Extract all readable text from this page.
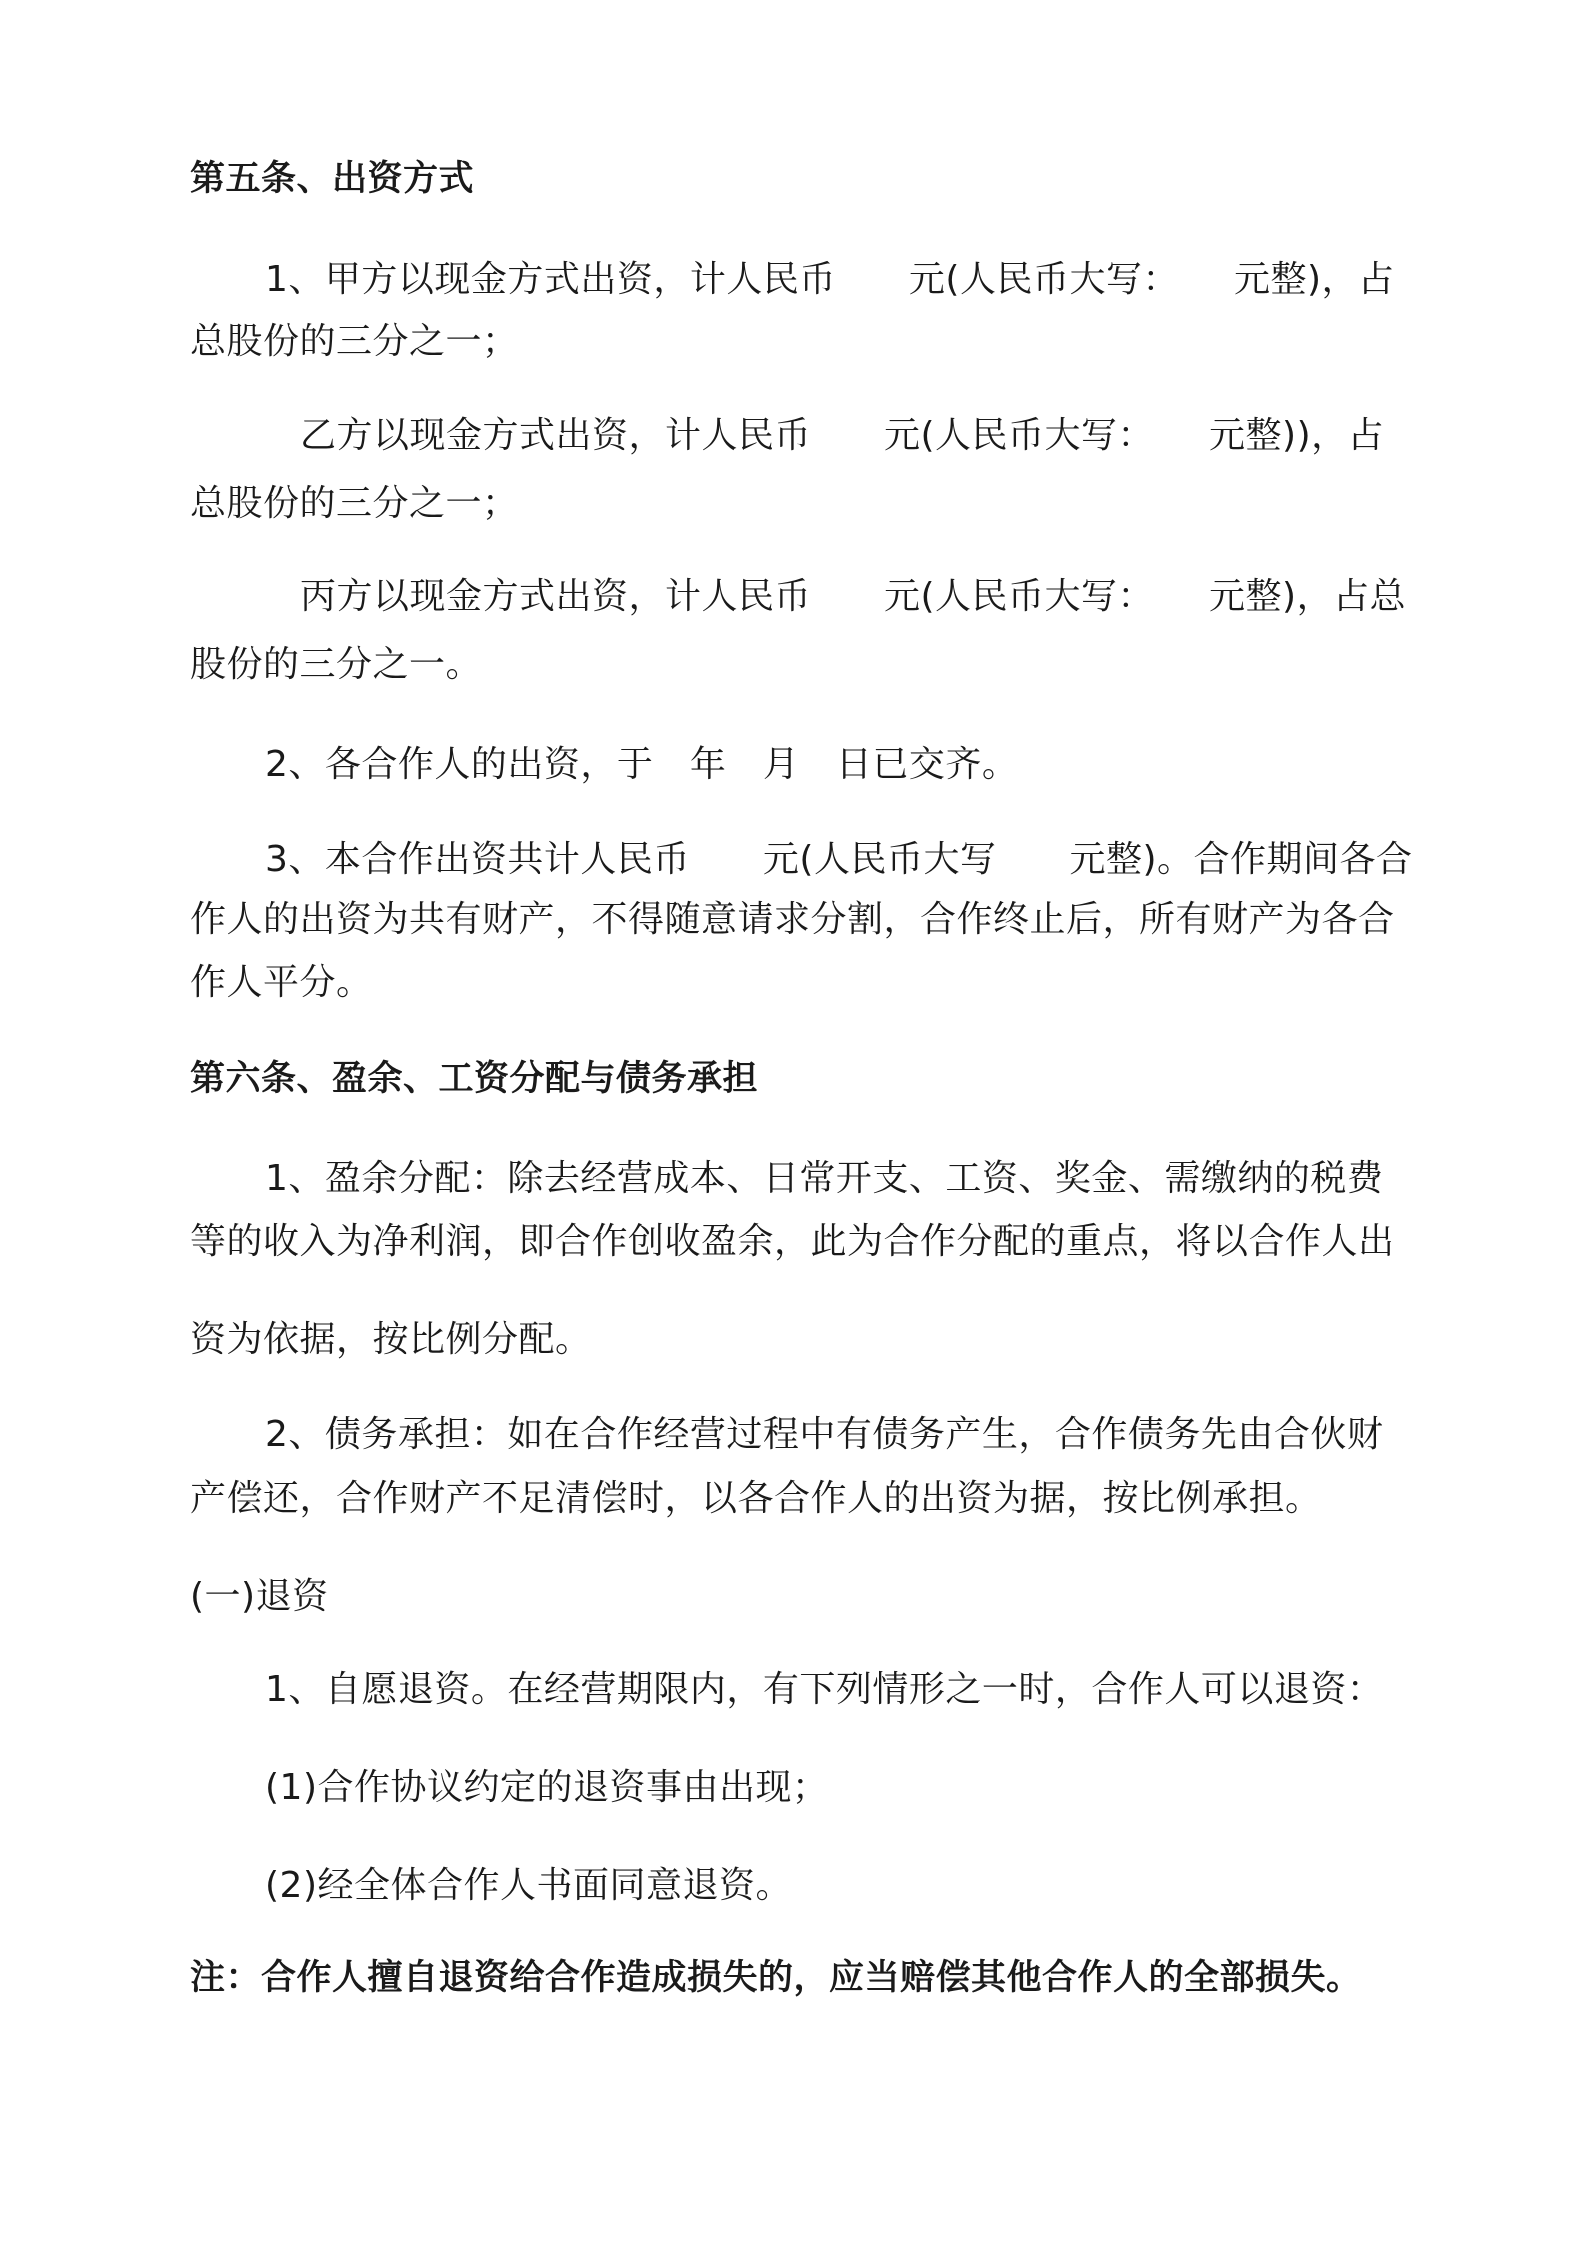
第五条、出资方式

1、甲方以现金方式出资，计人民币　　元(人民币大写：　　元整)，占

总股份的三分之一；

乙方以现金方式出资，计人民币　　元(人民币大写：　　元整))，占

总股份的三分之一；

丙方以现金方式出资，计人民币　　元(人民币大写：　　元整)，占总

股份的三分之一。

2、各合作人的出资，于　年　月　日已交齐。

3、本合作出资共计人民币　　元(人民币大写　　元整)。合作期间各合

作人的出资为共有财产，不得随意请求分割，合作终止后，所有财产为各合

作人平分。

第六条、盈余、工资分配与债务承担

1、盈余分配：除去经营成本、日常开支、工资、奖金、需缴纳的税费

等的收入为净利润，即合作创收盈余，此为合作分配的重点，将以合作人出

资为依据，按比例分配。

2、债务承担：如在合作经营过程中有债务产生，合作债务先由合伙财

产偿还，合作财产不足清偿时，以各合作人的出资为据，按比例承担。

(一)退资

1、自愿退资。在经营期限内，有下列情形之一时，合作人可以退资：

(1)合作协议约定的退资事由出现；

(2)经全体合作人书面同意退资。

注：合作人擅自退资给合作造成损失的，应当赔偿其他合作人的全部损失。
